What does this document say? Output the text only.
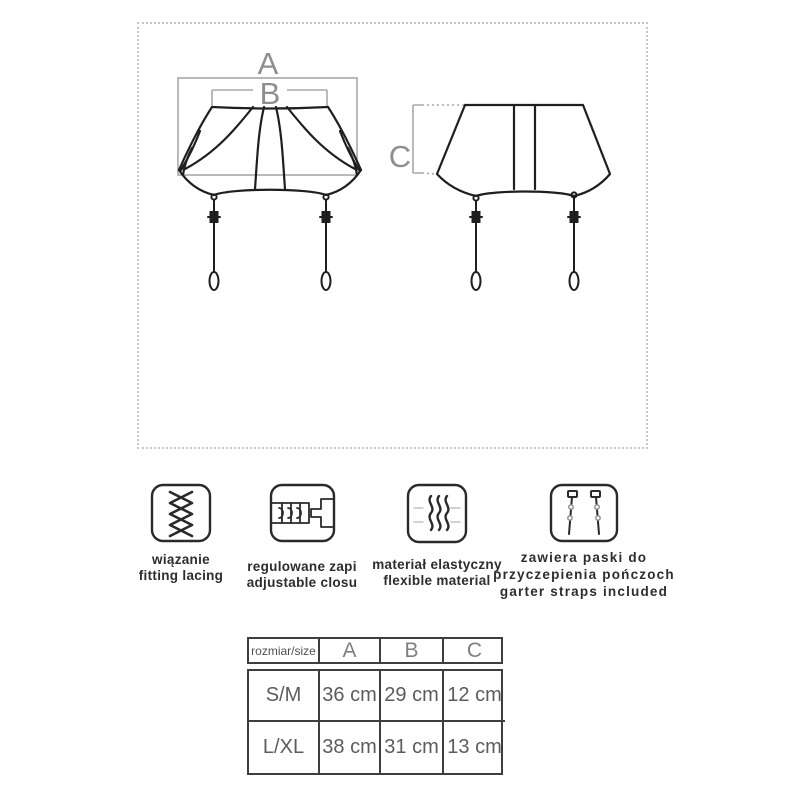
A
B
C
wiązanie
fitting lacing
regulowane zapi
adjustable closu
materiał elastyczny
flexible material
zawiera paski do
przyczepienia pończoch
garter straps included
rozmiar/size	A	B	C
S/M	36 cm 29 cm 12 cm
L/XL 38 cm 31 cm 13 cm
